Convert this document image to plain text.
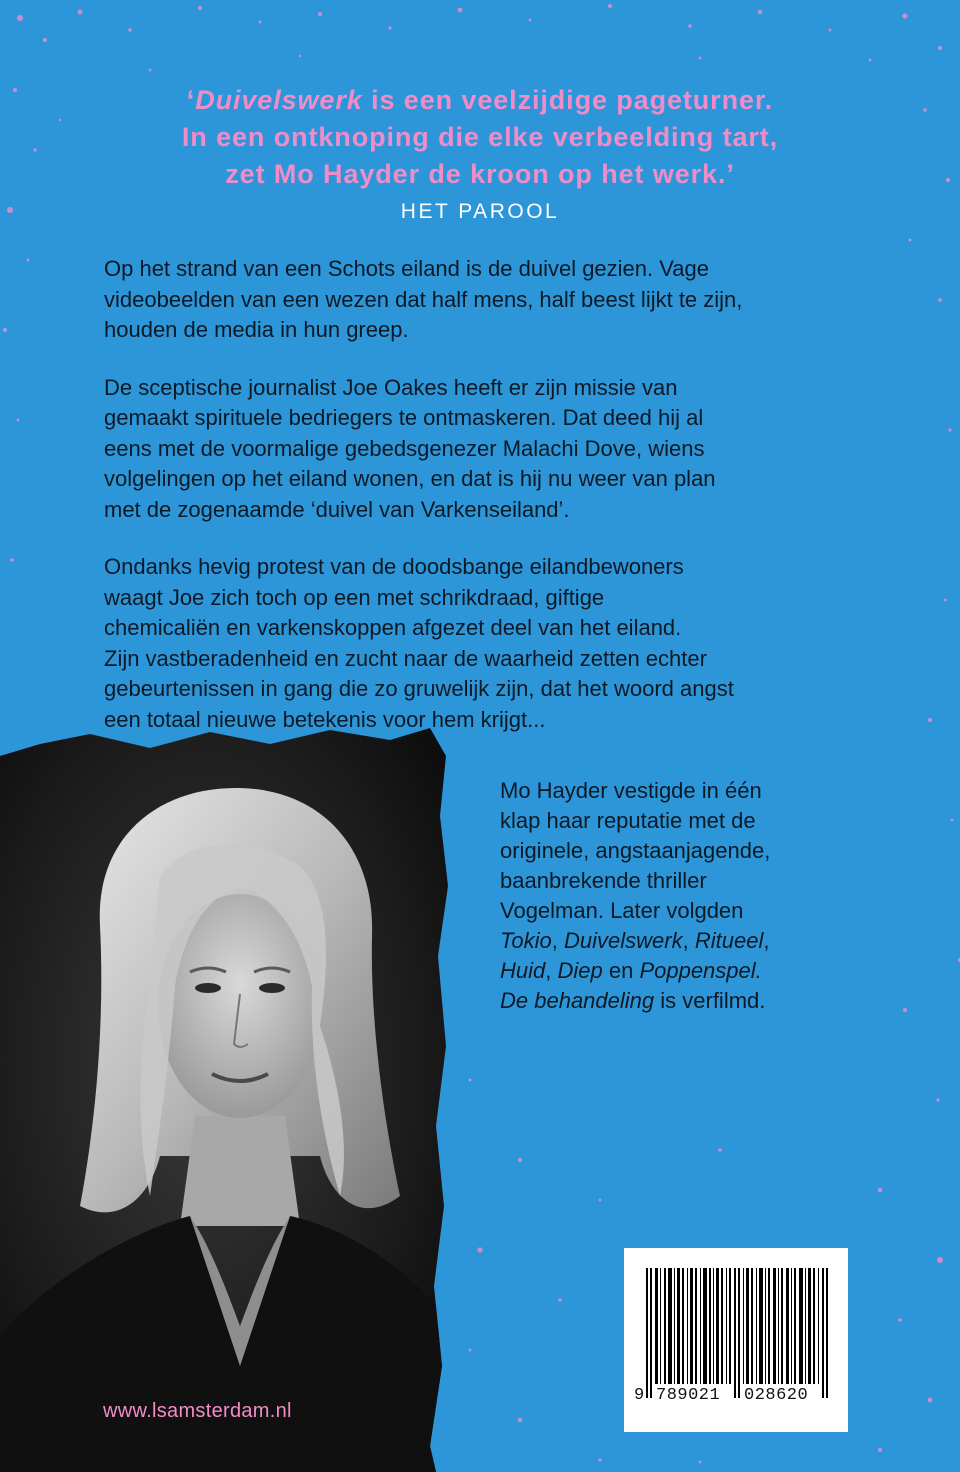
‘Duivelswerk is een veelzijdige pageturner.
In een ontknoping die elke verbeelding tart,
zet Mo Hayder de kroon op het werk.’
HET PAROOL

Op het strand van een Schots eiland is de duivel gezien. Vage
videobeelden van een wezen dat half mens, half beest lijkt te zijn,
houden de media in hun greep.

De sceptische journalist Joe Oakes heeft er zijn missie van
gemaakt spirituele bedriegers te ontmaskeren. Dat deed hij al
eens met de voormalige gebedsgenezer Malachi Dove, wiens
volgelingen op het eiland wonen, en dat is hij nu weer van plan
met de zogenaamde ‘duivel van Varkenseiland’.

Ondanks hevig protest van de doodsbange eilandbewoners
waagt Joe zich toch op een met schrikdraad, giftige
chemicaliën en varkenskoppen afgezet deel van het eiland.
Zijn vastberadenheid en zucht naar de waarheid zetten echter
gebeurtenissen in gang die zo gruwelijk zijn, dat het woord angst
een totaal nieuwe betekenis voor hem krijgt...

Mo Hayder vestigde in één
klap haar reputatie met de
originele, angstaanjagende,
baanbrekende thriller
Vogelman. Later volgden
Tokio, Duivelswerk, Ritueel,
Huid, Diep en Poppenspel.
De behandeling is verfilmd.
www.lsamsterdam.nl
9 789021 028620
